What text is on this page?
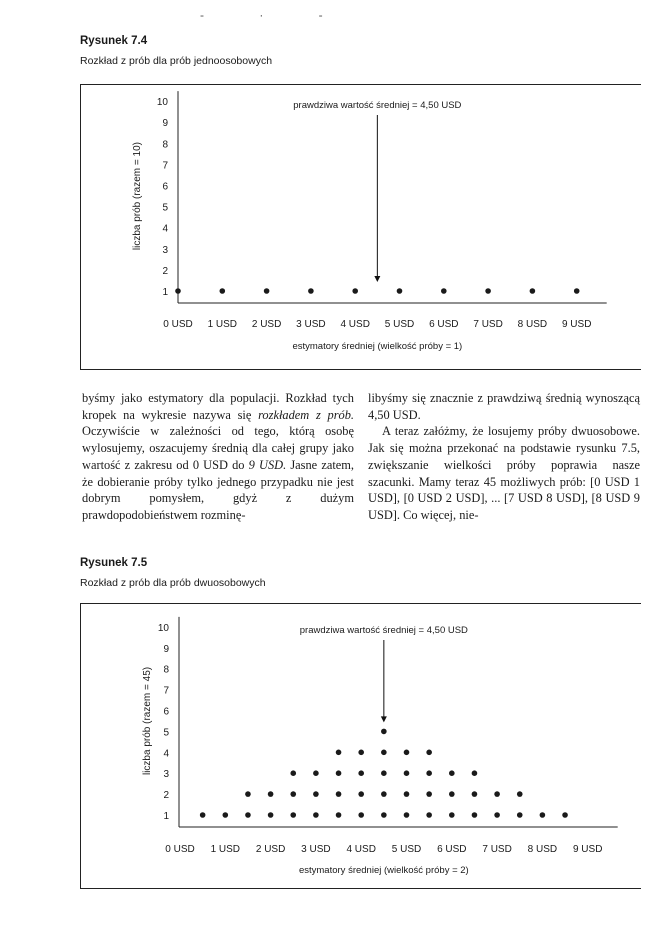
- · -
Rysunek 7.4
Rozkład z prób dla prób jednoosobowych
1
2
3
4
5
6
7
8
9
10
0 USD 1 USD 2 USD 3 USD 4 USD 5 USD 6 USD 7 USD 8 USD 9 USD
liczba prób (razem = 10)
estymatory średniej (wielkość próby = 1)
prawdziwa wartość średniej = 4,50 USD

byśmy jako estymatory dla populacji. Rozkład tych kropek na wykresie nazywa się rozkładem z prób. Oczywiście w zależności od tego, którą osobę wylosujemy, oszacujemy średnią dla całej grupy jako wartość z zakresu od 0 USD do 9 USD. Jasne zatem, że dobieranie próby tylko jednego przypadku nie jest dobrym pomysłem, gdyż z dużym prawdopodobieństwem rozminę-

libyśmy się znacznie z prawdziwą średnią wynoszącą 4,50 USD.

A teraz załóżmy, że losujemy próby dwuosobowe. Jak się można przekonać na podstawie rysunku 7.5, zwiększanie wielkości próby poprawia nasze szacunki. Mamy teraz 45 możliwych prób: [0 USD 1 USD], [0 USD 2 USD], ... [7 USD 8 USD], [8 USD 9 USD]. Co więcej, nie-

Rysunek 7.5
Rozkład z prób dla prób dwuosobowych
1
2
3
4
5
6
7
8
9
10
0 USD 1 USD 2 USD 3 USD 4 USD 5 USD 6 USD 7 USD 8 USD 9 USD
liczba prób (razem = 45)
estymatory średniej (wielkość próby = 2)
prawdziwa wartość średniej = 4,50 USD
